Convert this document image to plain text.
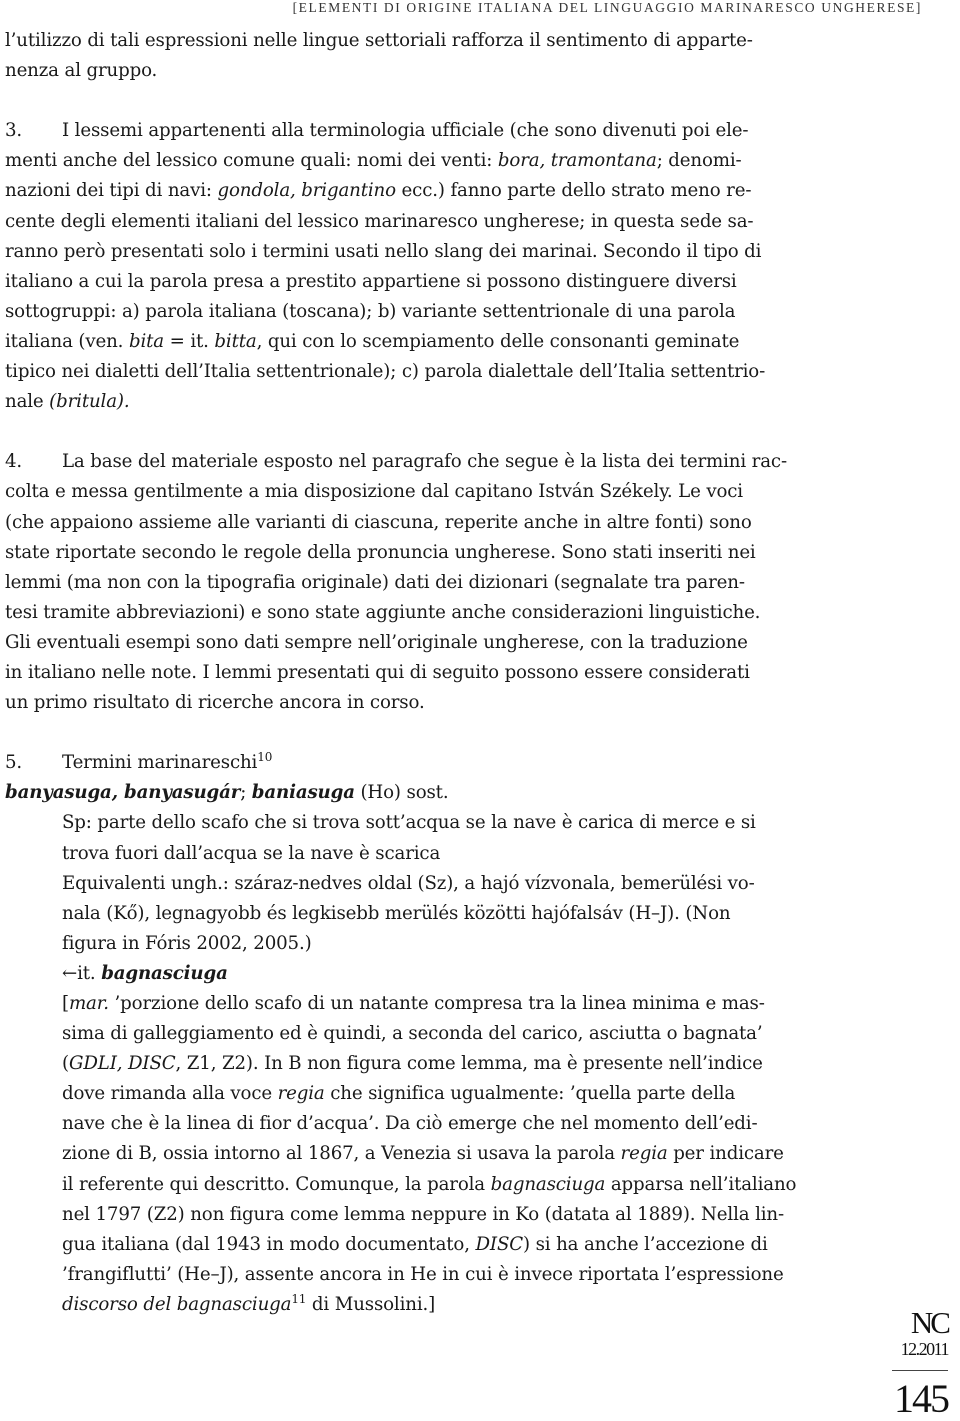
[ELEMENTI DI ORIGINE ITALIANA DEL LINGUAGGIO MARINARESCO UNGHERESE]
l’utilizzo di tali espressioni nelle lingue settoriali rafforza il sentimento di apparte-
nenza al gruppo.
3. I lessemi appartenenti alla terminologia ufficiale (che sono divenuti poi ele-
menti anche del lessico comune quali: nomi dei venti: bora, tramontana; denomi-
nazioni dei tipi di navi: gondola, brigantino ecc.) fanno parte dello strato meno re-
cente degli elementi italiani del lessico marinaresco ungherese; in questa sede sa-
ranno però presentati solo i termini usati nello slang dei marinai. Secondo il tipo di
italiano a cui la parola presa a prestito appartiene si possono distinguere diversi
sottogruppi: a) parola italiana (toscana); b) variante settentrionale di una parola
italiana (ven. bita = it. bitta, qui con lo scempiamento delle consonanti geminate
tipico nei dialetti dell’Italia settentrionale); c) parola dialettale dell’Italia settentrio-
nale (britula).
4. La base del materiale esposto nel paragrafo che segue è la lista dei termini rac-
colta e messa gentilmente a mia disposizione dal capitano István Székely. Le voci
(che appaiono assieme alle varianti di ciascuna, reperite anche in altre fonti) sono
state riportate secondo le regole della pronuncia ungherese. Sono stati inseriti nei
lemmi (ma non con la tipografia originale) dati dei dizionari (segnalate tra paren-
tesi tramite abbreviazioni) e sono state aggiunte anche considerazioni linguistiche.
Gli eventuali esempi sono dati sempre nell’originale ungherese, con la traduzione
in italiano nelle note. I lemmi presentati qui di seguito possono essere considerati
un primo risultato di ricerche ancora in corso.
5. Termini marinareschi$^{10}$
banyasuga, banyasugár; baniasuga (Ho) sost.
Sp: parte dello scafo che si trova sott’acqua se la nave è carica di merce e si
trova fuori dall’acqua se la nave è scarica
Equivalenti ungh.: száraz-nedves oldal (Sz), a hajó vízvonala, bemerülési vo-
nala (Kő), legnagyobb és legkisebb merülés közötti hajófalsáv (H–J). (Non
figura in Fóris 2002, 2005.)
←it. bagnasciuga
[mar. ’porzione dello scafo di un natante compresa tra la linea minima e mas-
sima di galleggiamento ed è quindi, a seconda del carico, asciutta o bagnata’
(GDLI, DISC, Z1, Z2). In B non figura come lemma, ma è presente nell’indice
dove rimanda alla voce regia che significa ugualmente: ’quella parte della
nave che è la linea di fior d’acqua’. Da ciò emerge che nel momento dell’edi-
zione di B, ossia intorno al 1867, a Venezia si usava la parola regia per indicare
il referente qui descritto. Comunque, la parola bagnasciuga apparsa nell’italiano
nel 1797 (Z2) non figura come lemma neppure in Ko (datata al 1889). Nella lin-
gua italiana (dal 1943 in modo documentato, DISC) si ha anche l’accezione di
’frangiflutti’ (He–J), assente ancora in He in cui è invece riportata l’espressione
discorso del bagnasciuga$^{11}$ di Mussolini.]
NC
12.2011
145
